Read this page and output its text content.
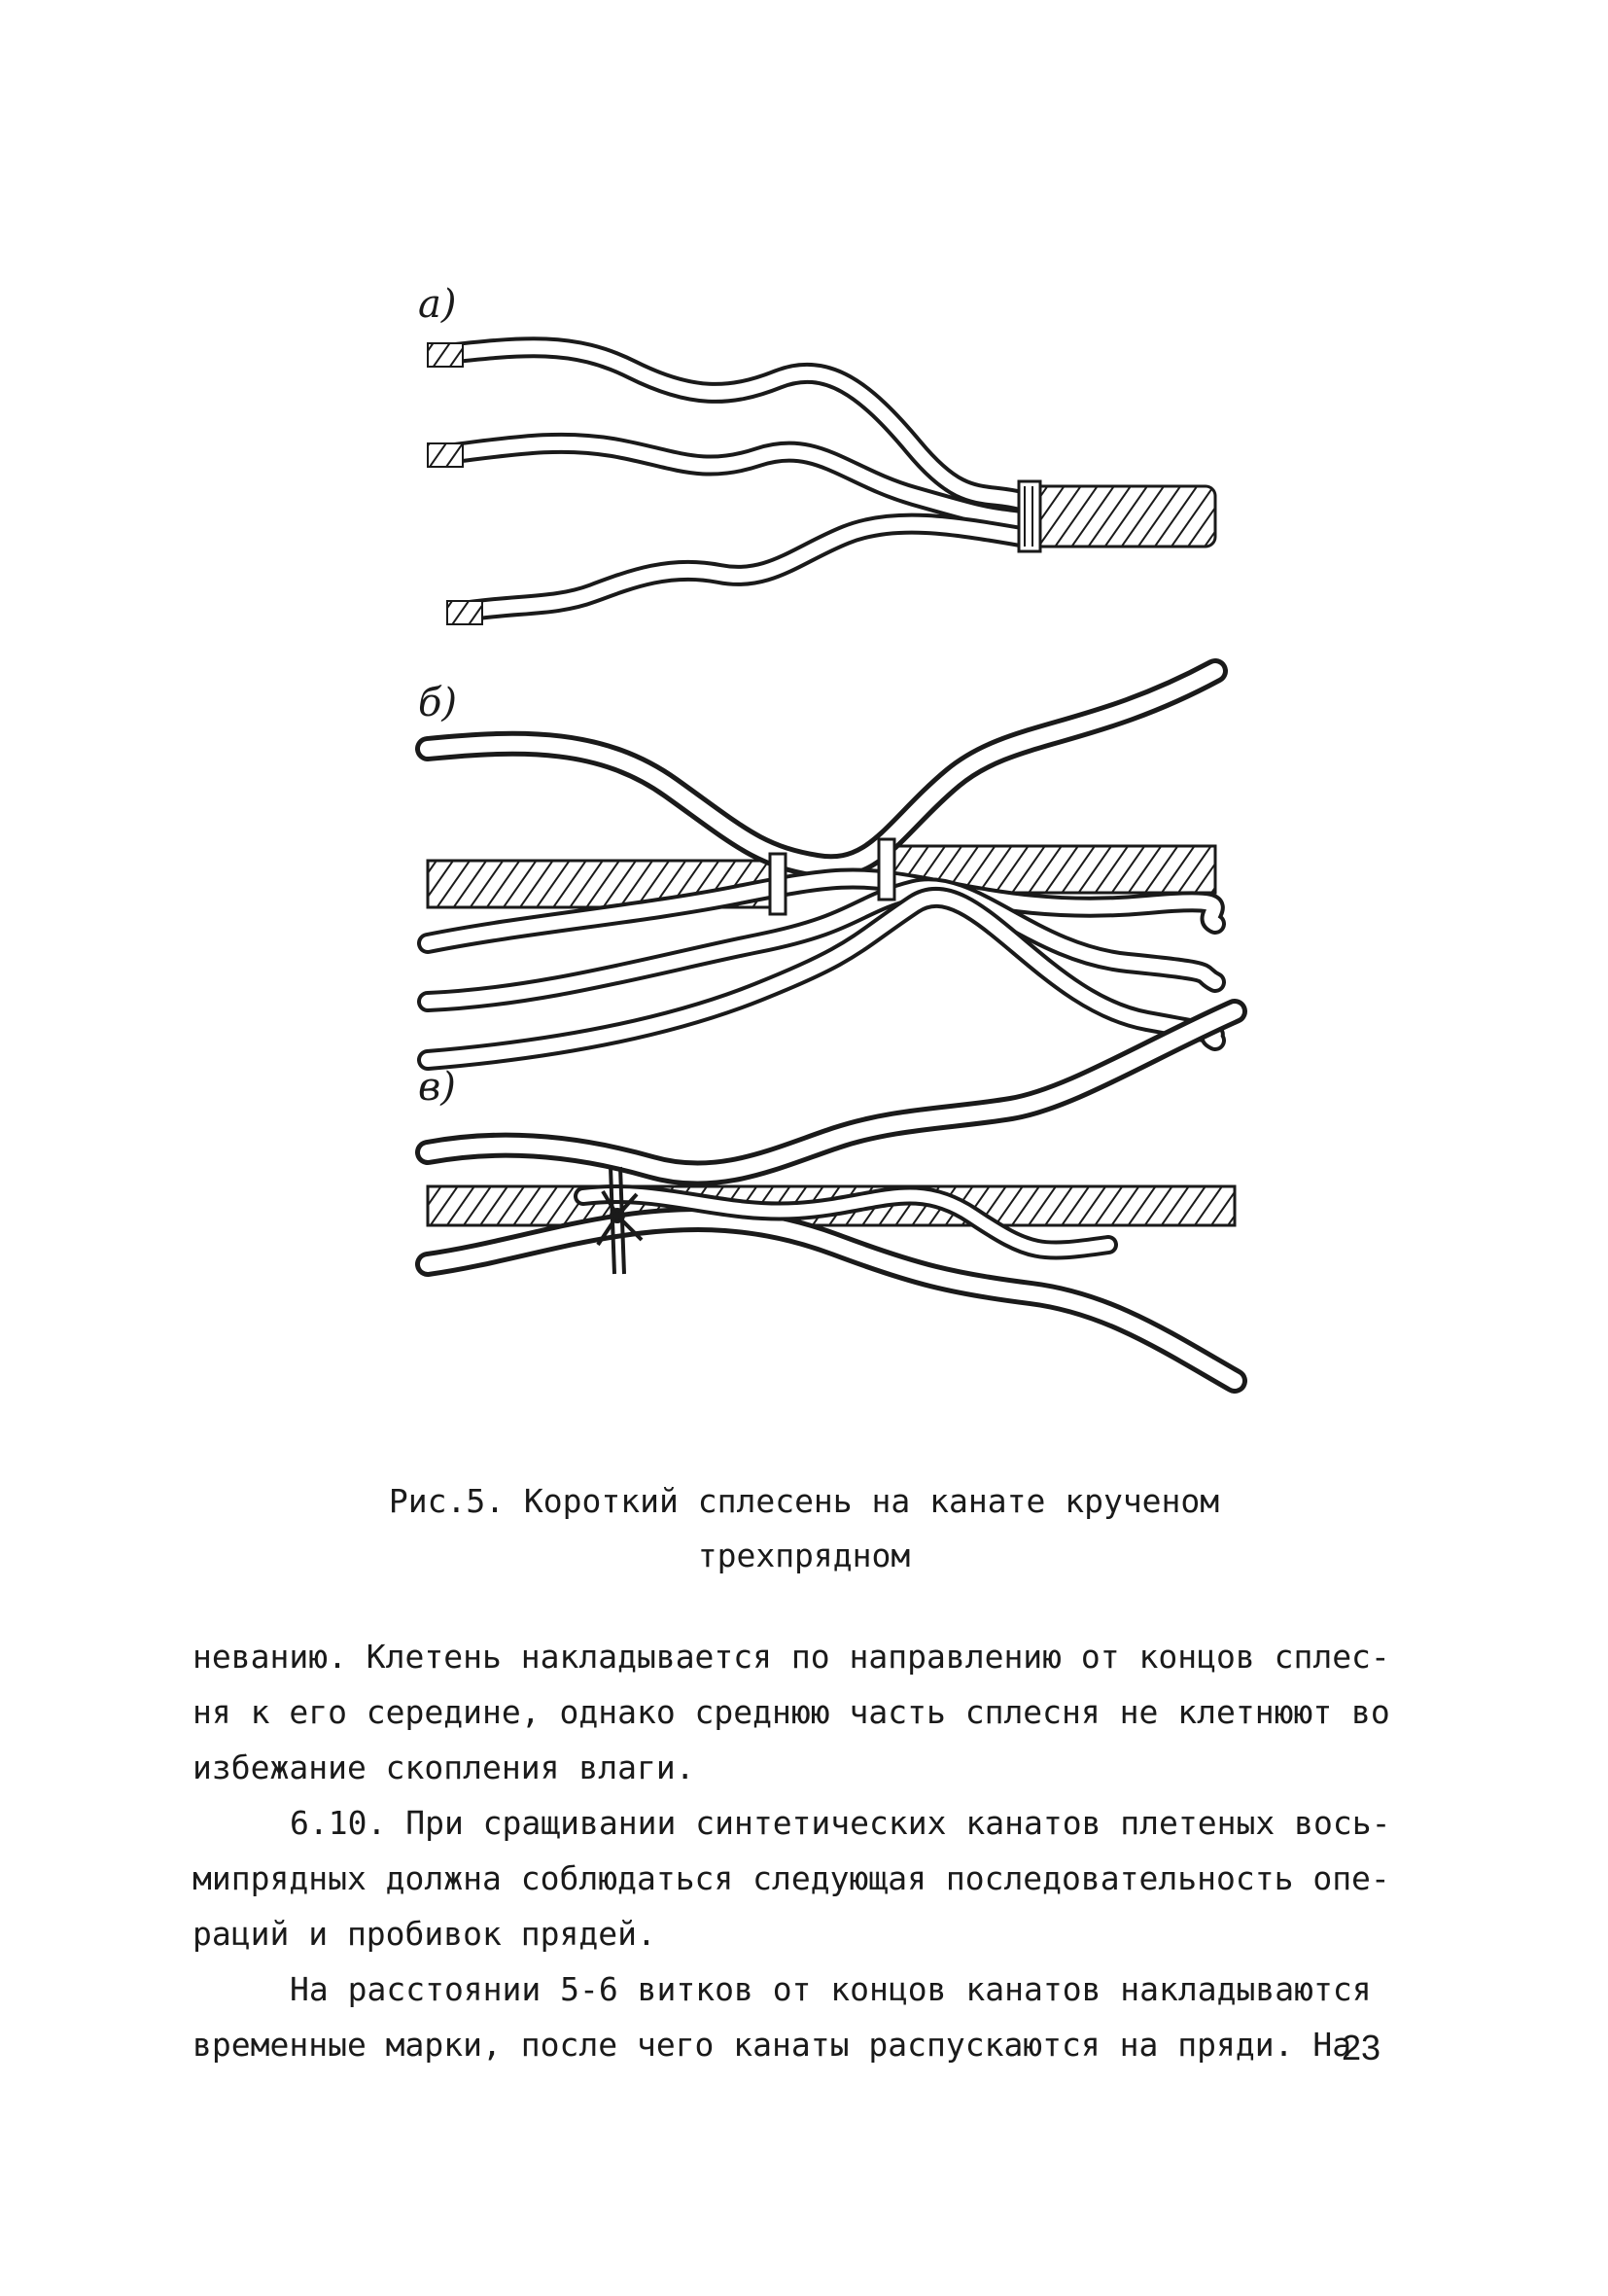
а)
б)
в)
Рис.5. Короткий сплесень на канате крученом
трехпрядном

неванию. Клетень накладывается по направлению от концов сплес-
ня к его середине, однако среднюю часть сплесня не клетнюют во
избежание скопления влаги.

6.10. При сращивании синтетических канатов плетеных вось-
мипрядных должна соблюдаться следующая последовательность опе-
раций и пробивок прядей.

На расстоянии 5-6 витков от концов канатов накладываются
временные марки, после чего канаты распускаются на пряди. На

23
